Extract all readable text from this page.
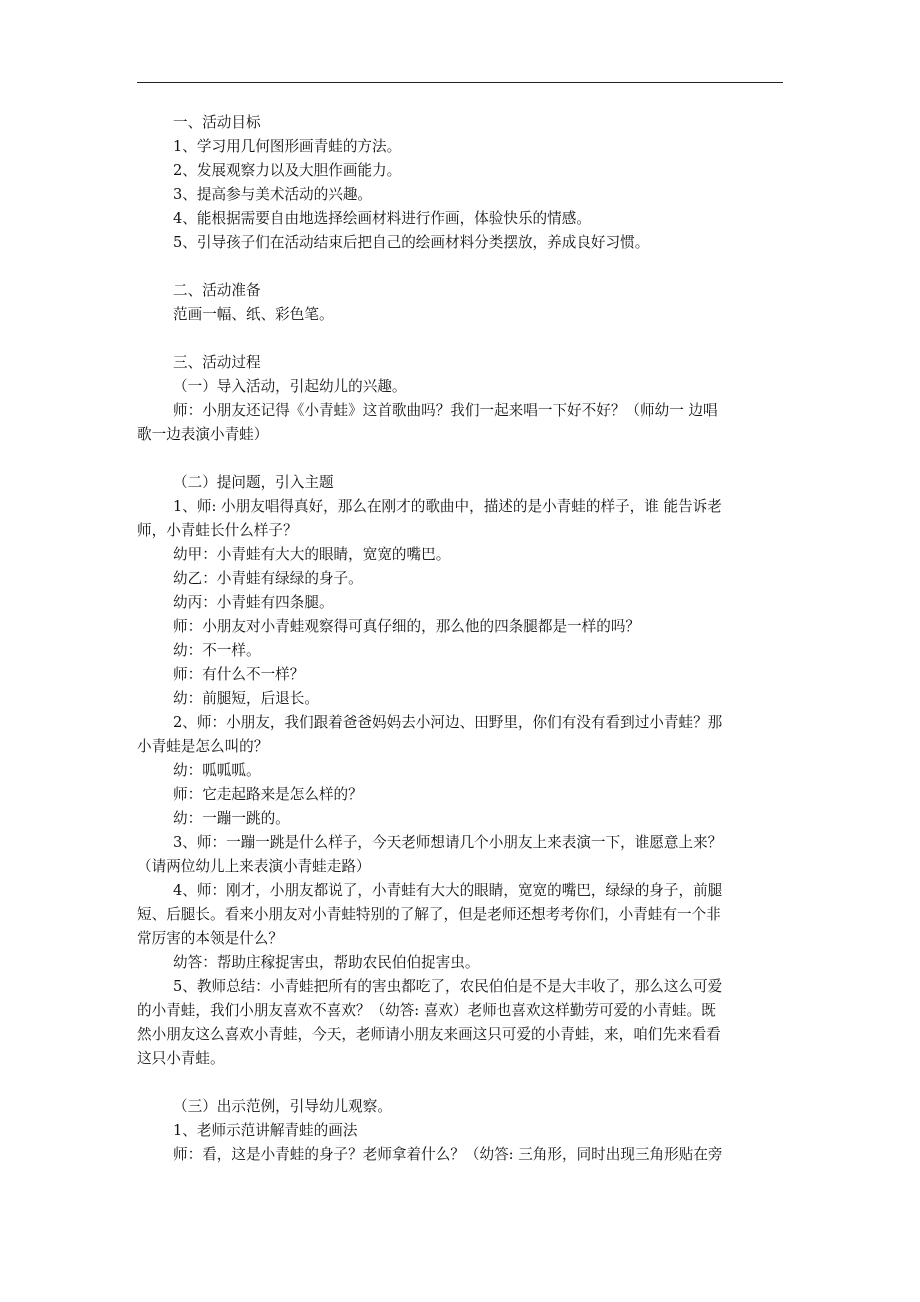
一、活动目标
1、学习用几何图形画青蛙的方法。
2、发展观察力以及大胆作画能力。
3、提高参与美术活动的兴趣。
4、能根据需要自由地选择绘画材料进行作画，体验快乐的情感。
5、引导孩子们在活动结束后把自己的绘画材料分类摆放，养成良好习惯。
二、活动准备
范画一幅、纸、彩色笔。
三、活动过程
（一）导入活动，引起幼儿的兴趣。
师：小朋友还记得《小青蛙》这首歌曲吗？我们一起来唱一下好不好？（师幼一 边唱
歌一边表演小青蛙）
（二）提问题，引入主题
1、师: 小朋友唱得真好，那么在刚才的歌曲中，描述的是小青蛙的样子，谁 能告诉老
师，小青蛙长什么样子？
幼甲：小青蛙有大大的眼睛，宽宽的嘴巴。
幼乙：小青蛙有绿绿的身子。
幼丙：小青蛙有四条腿。
师：小朋友对小青蛙观察得可真仔细的，那么他的四条腿都是一样的吗？
幼：不一样。
师：有什么不一样？
幼：前腿短，后退长。
2、师：小朋友，我们跟着爸爸妈妈去小河边、田野里，你们有没有看到过小青蛙？那
小青蛙是怎么叫的？
幼：呱呱呱。
师：它走起路来是怎么样的？
幼：一蹦一跳的。
3、师：一蹦一跳是什么样子，今天老师想请几个小朋友上来表演一下，谁愿意上来？
（请两位幼儿上来表演小青蛙走路）
4、师：刚才，小朋友都说了，小青蛙有大大的眼睛，宽宽的嘴巴，绿绿的身子，前腿
短、后腿长。看来小朋友对小青蛙特别的了解了，但是老师还想考考你们，小青蛙有一个非
常厉害的本领是什么？
幼答：帮助庄稼捉害虫，帮助农民伯伯捉害虫。
5、教师总结：小青蛙把所有的害虫都吃了，农民伯伯是不是大丰收了，那么这么可爱
的小青蛙，我们小朋友喜欢不喜欢？（幼答: 喜欢）老师也喜欢这样勤劳可爱的小青蛙。既
然小朋友这么喜欢小青蛙，今天，老师请小朋友来画这只可爱的小青蛙，来，咱们先来看看
这只小青蛙。
（三）出示范例，引导幼儿观察。
1、老师示范讲解青蛙的画法
师：看，这是小青蛙的身子？老师拿着什么？（幼答: 三角形，同时出现三角形贴在旁
